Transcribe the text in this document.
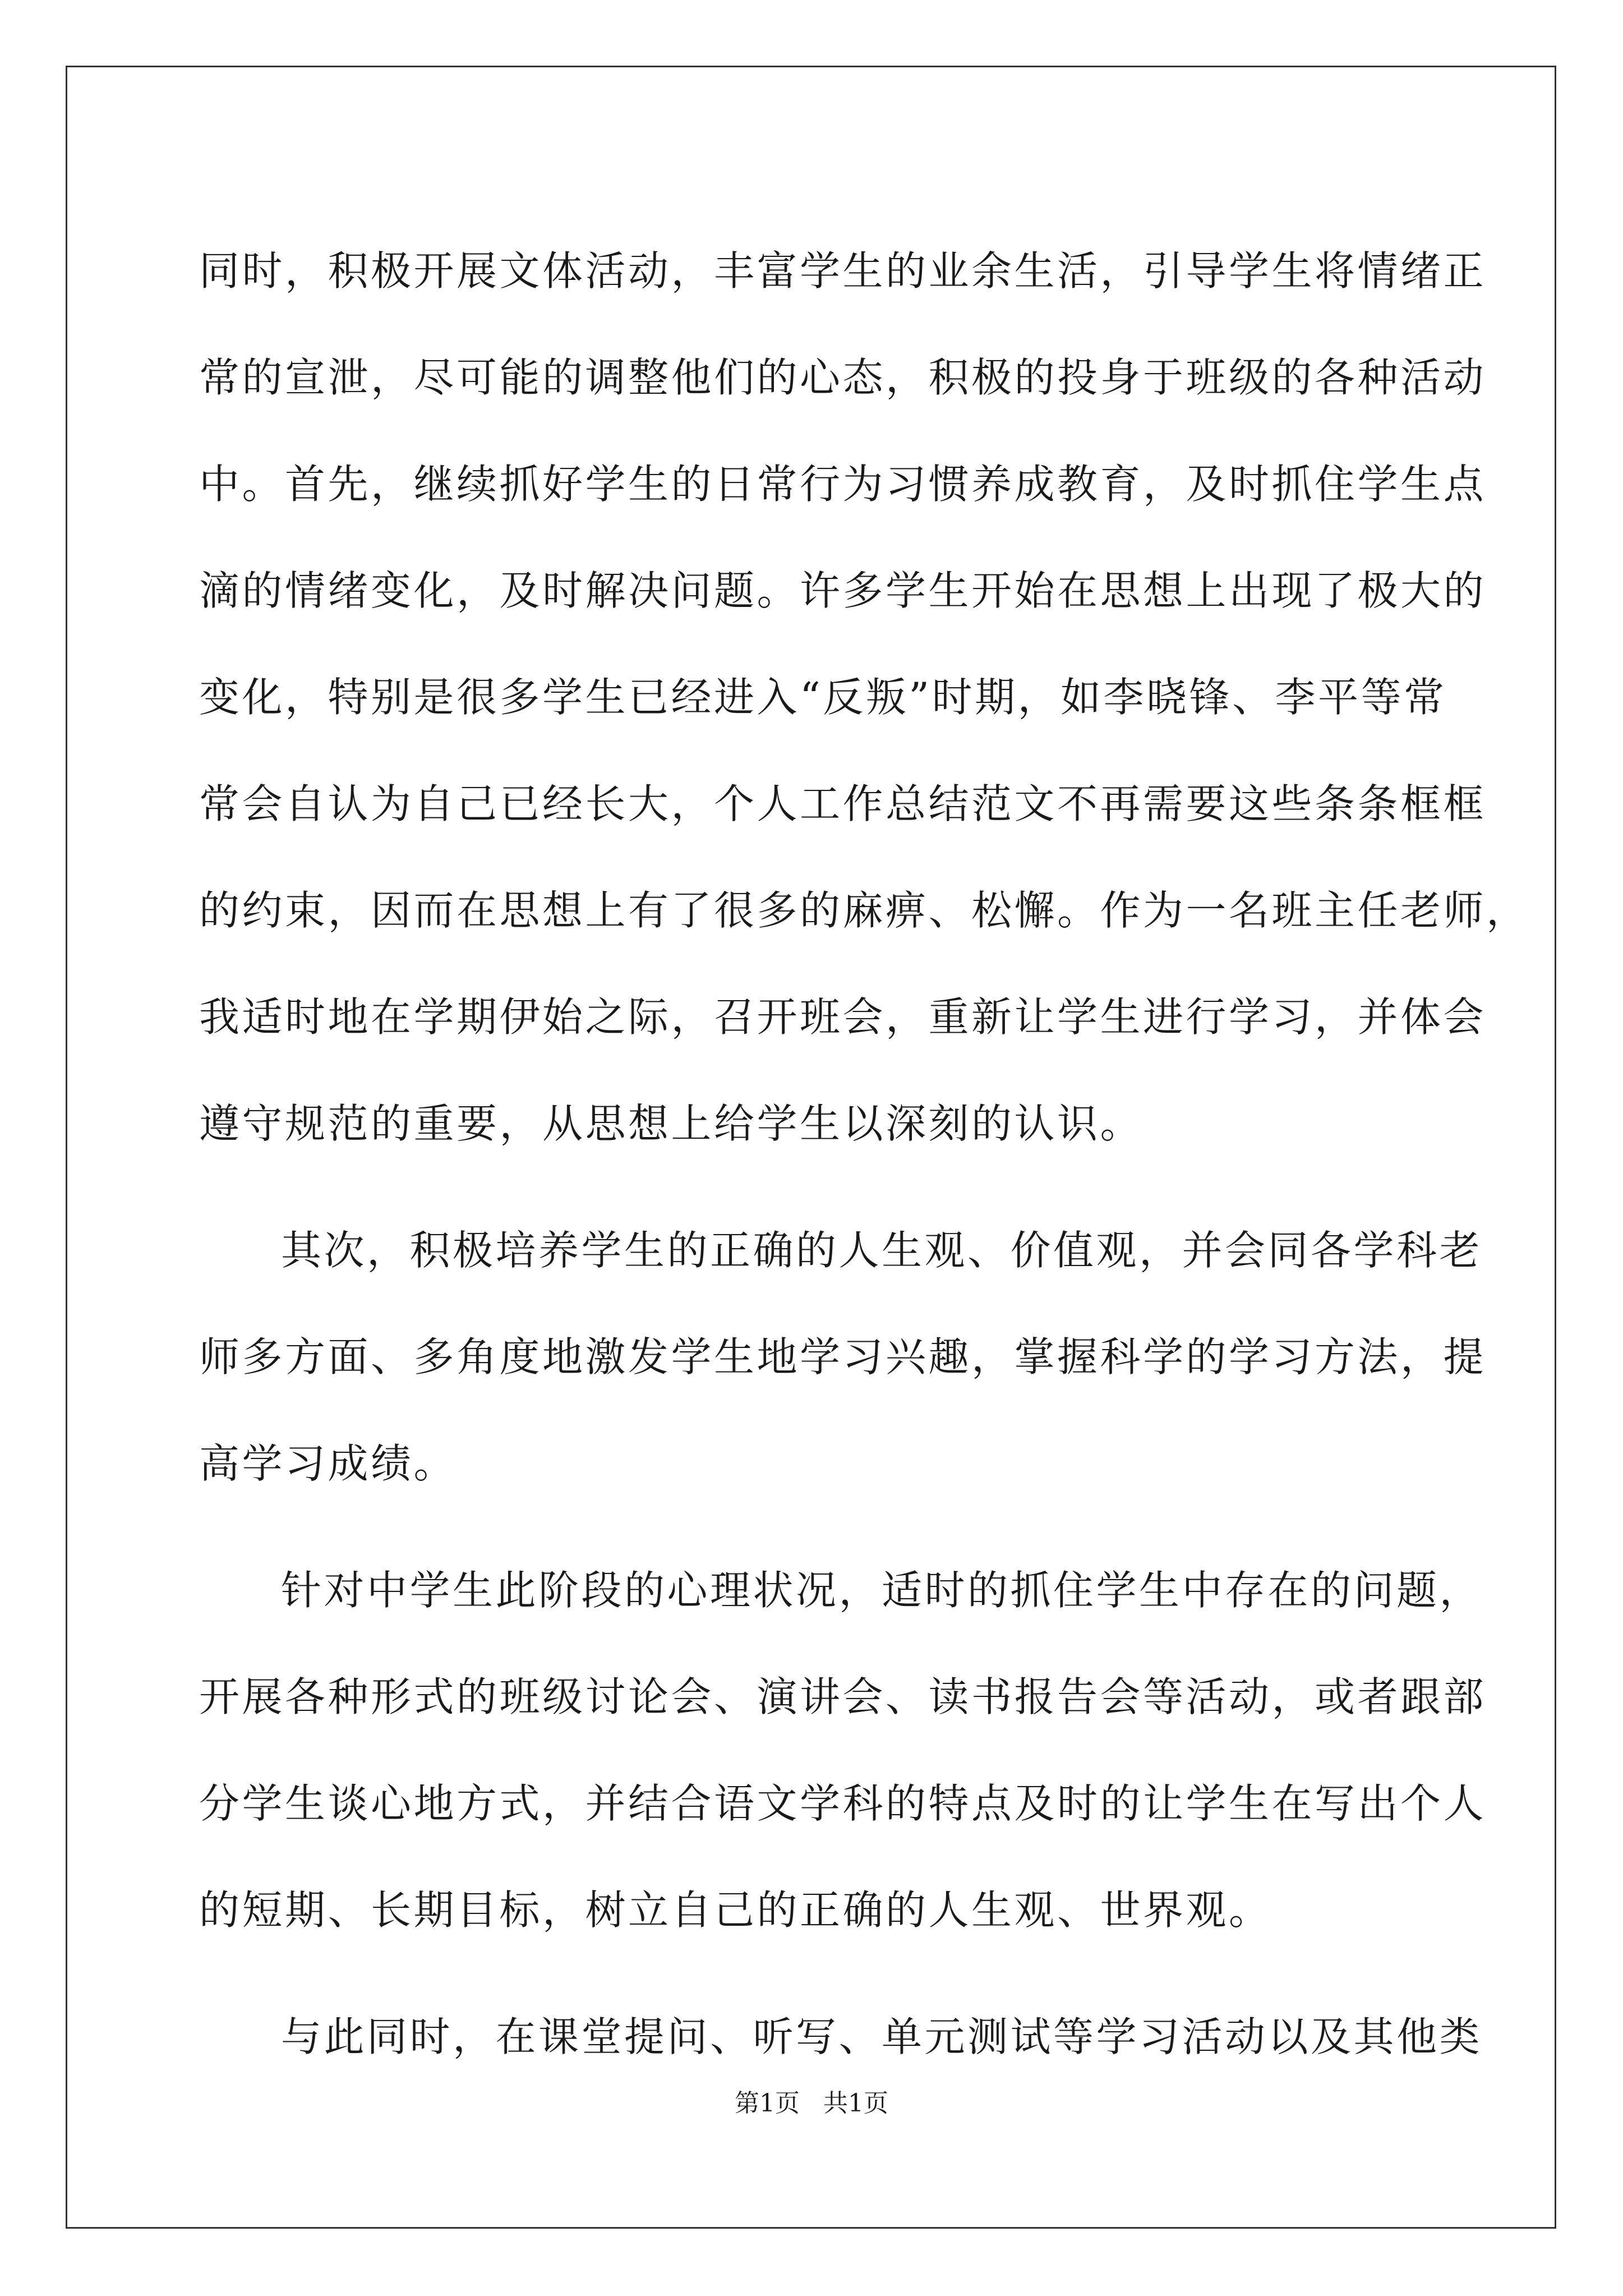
同时，积极开展文体活动，丰富学生的业余生活，引导学生将情绪正
常的宣泄，尽可能的调整他们的心态，积极的投身于班级的各种活动
中。首先，继续抓好学生的日常行为习惯养成教育，及时抓住学生点
滴的情绪变化，及时解决问题。许多学生开始在思想上出现了极大的
变化，特别是很多学生已经进入“反叛”时期，如李晓锋、李平等常
常会自认为自己已经长大，个人工作总结范文不再需要这些条条框框
的约束，因而在思想上有了很多的麻痹、松懈。作为一名班主任老师，
我适时地在学期伊始之际，召开班会，重新让学生进行学习，并体会
遵守规范的重要，从思想上给学生以深刻的认识。
其次，积极培养学生的正确的人生观、价值观，并会同各学科老
师多方面、多角度地激发学生地学习兴趣，掌握科学的学习方法，提
高学习成绩。
针对中学生此阶段的心理状况，适时的抓住学生中存在的问题，
开展各种形式的班级讨论会、演讲会、读书报告会等活动，或者跟部
分学生谈心地方式，并结合语文学科的特点及时的让学生在写出个人
的短期、长期目标，树立自己的正确的人生观、世界观。
与此同时，在课堂提问、听写、单元测试等学习活动以及其他类
第1页   共1页
